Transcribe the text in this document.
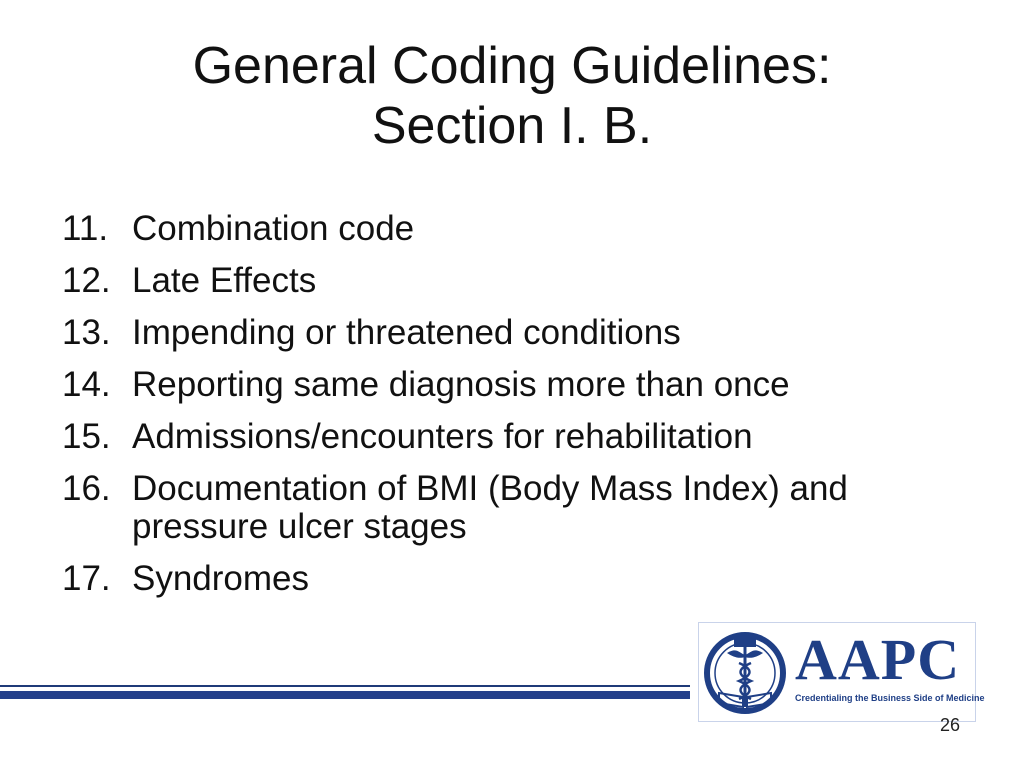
General Coding Guidelines:
Section I. B.
11. Combination code
12. Late Effects
13. Impending or threatened conditions
14. Reporting same diagnosis more than once
15. Admissions/encounters for rehabilitation
16. Documentation of BMI (Body Mass Index) and pressure ulcer stages
17. Syndromes
AAPC
Credentialing the Business Side of Medicine
26
